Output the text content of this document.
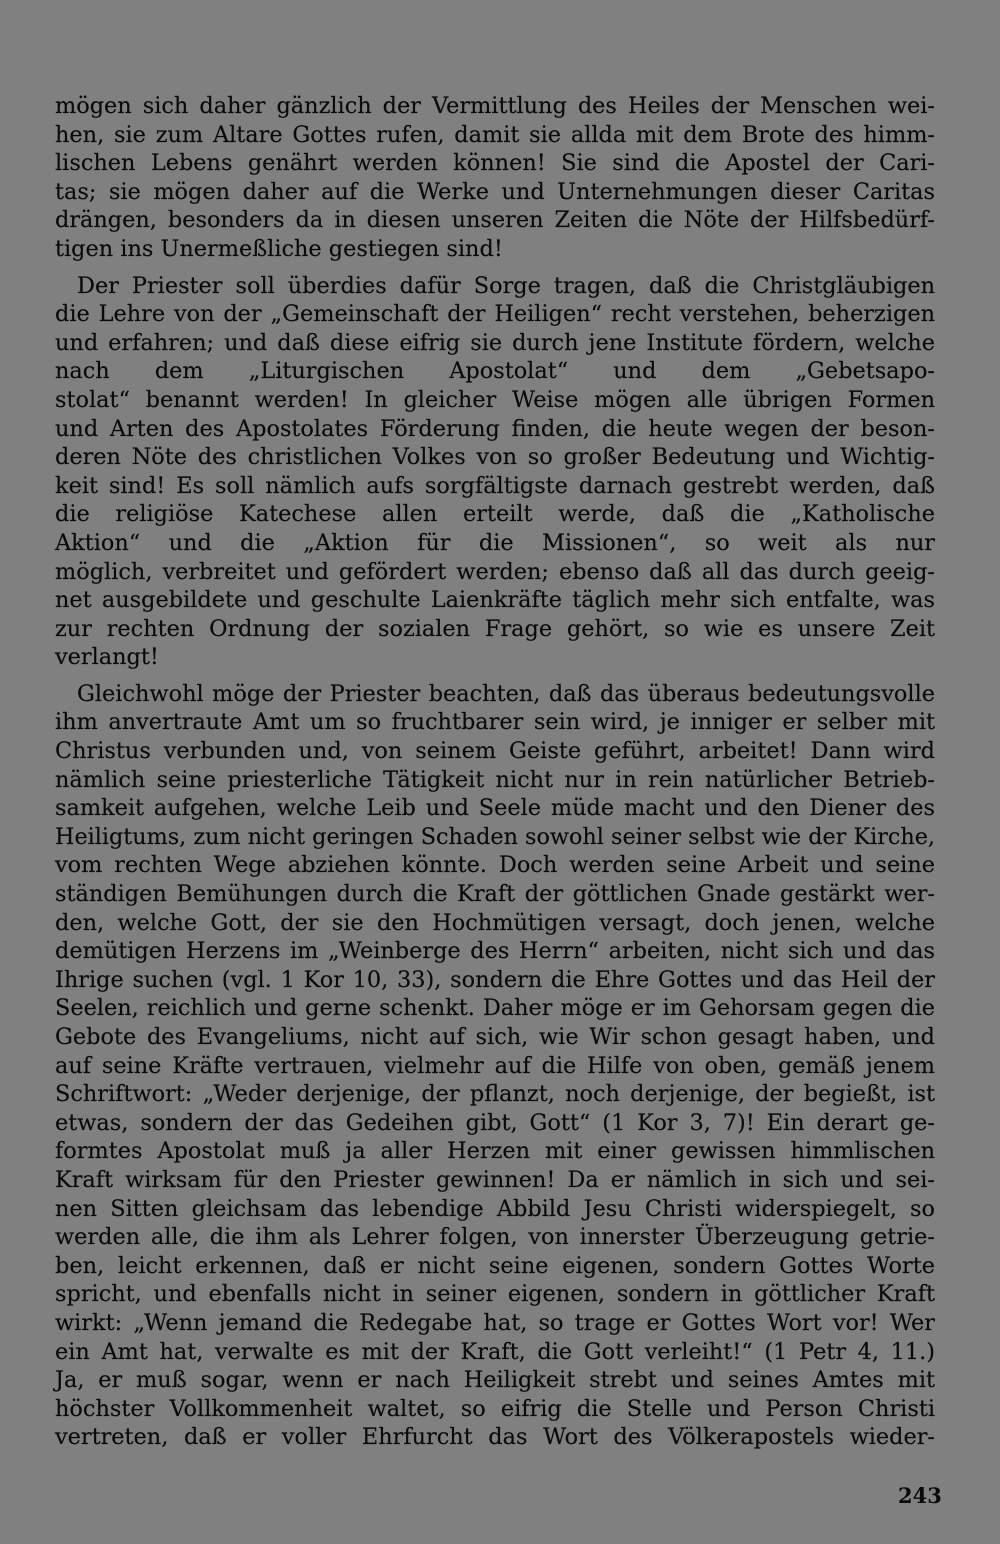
mögen sich daher gänzlich der Vermittlung des Heiles der Menschen wei-
hen, sie zum Altare Gottes rufen, damit sie allda mit dem Brote des himm-
lischen Lebens genährt werden können! Sie sind die Apostel der Cari-
tas; sie mögen daher auf die Werke und Unternehmungen dieser Caritas
drängen, besonders da in diesen unseren Zeiten die Nöte der Hilfsbedürf-
tigen ins Unermeßliche gestiegen sind!
Der Priester soll überdies dafür Sorge tragen, daß die Christgläubigen
die Lehre von der „Gemeinschaft der Heiligen“ recht verstehen, beherzigen
und erfahren; und daß diese eifrig sie durch jene Institute fördern, welche
nach dem „Liturgischen Apostolat“ und dem „Gebetsapo-
stolat“ benannt werden! In gleicher Weise mögen alle übrigen Formen
und Arten des Apostolates Förderung finden, die heute wegen der beson-
deren Nöte des christlichen Volkes von so großer Bedeutung und Wichtig-
keit sind! Es soll nämlich aufs sorgfältigste darnach gestrebt werden, daß
die religiöse Katechese allen erteilt werde, daß die „Katholische
Aktion“ und die „Aktion für die Missionen“, so weit als nur
möglich, verbreitet und gefördert werden; ebenso daß all das durch geeig-
net ausgebildete und geschulte Laienkräfte täglich mehr sich entfalte, was
zur rechten Ordnung der sozialen Frage gehört, so wie es unsere Zeit
verlangt!
Gleichwohl möge der Priester beachten, daß das überaus bedeutungsvolle
ihm anvertraute Amt um so fruchtbarer sein wird, je inniger er selber mit
Christus verbunden und, von seinem Geiste geführt, arbeitet! Dann wird
nämlich seine priesterliche Tätigkeit nicht nur in rein natürlicher Betrieb-
samkeit aufgehen, welche Leib und Seele müde macht und den Diener des
Heiligtums, zum nicht geringen Schaden sowohl seiner selbst wie der Kirche,
vom rechten Wege abziehen könnte. Doch werden seine Arbeit und seine
ständigen Bemühungen durch die Kraft der göttlichen Gnade gestärkt wer-
den, welche Gott, der sie den Hochmütigen versagt, doch jenen, welche
demütigen Herzens im „Weinberge des Herrn“ arbeiten, nicht sich und das
Ihrige suchen (vgl. 1 Kor 10, 33), sondern die Ehre Gottes und das Heil der
Seelen, reichlich und gerne schenkt. Daher möge er im Gehorsam gegen die
Gebote des Evangeliums, nicht auf sich, wie Wir schon gesagt haben, und
auf seine Kräfte vertrauen, vielmehr auf die Hilfe von oben, gemäß jenem
Schriftwort: „Weder derjenige, der pflanzt, noch derjenige, der begießt, ist
etwas, sondern der das Gedeihen gibt, Gott“ (1 Kor 3, 7)! Ein derart ge-
formtes Apostolat muß ja aller Herzen mit einer gewissen himmlischen
Kraft wirksam für den Priester gewinnen! Da er nämlich in sich und sei-
nen Sitten gleichsam das lebendige Abbild Jesu Christi widerspiegelt, so
werden alle, die ihm als Lehrer folgen, von innerster Überzeugung getrie-
ben, leicht erkennen, daß er nicht seine eigenen, sondern Gottes Worte
spricht, und ebenfalls nicht in seiner eigenen, sondern in göttlicher Kraft
wirkt: „Wenn jemand die Redegabe hat, so trage er Gottes Wort vor! Wer
ein Amt hat, verwalte es mit der Kraft, die Gott verleiht!“ (1 Petr 4, 11.)
Ja, er muß sogar, wenn er nach Heiligkeit strebt und seines Amtes mit
höchster Vollkommenheit waltet, so eifrig die Stelle und Person Christi
vertreten, daß er voller Ehrfurcht das Wort des Völkerapostels wieder-
243
